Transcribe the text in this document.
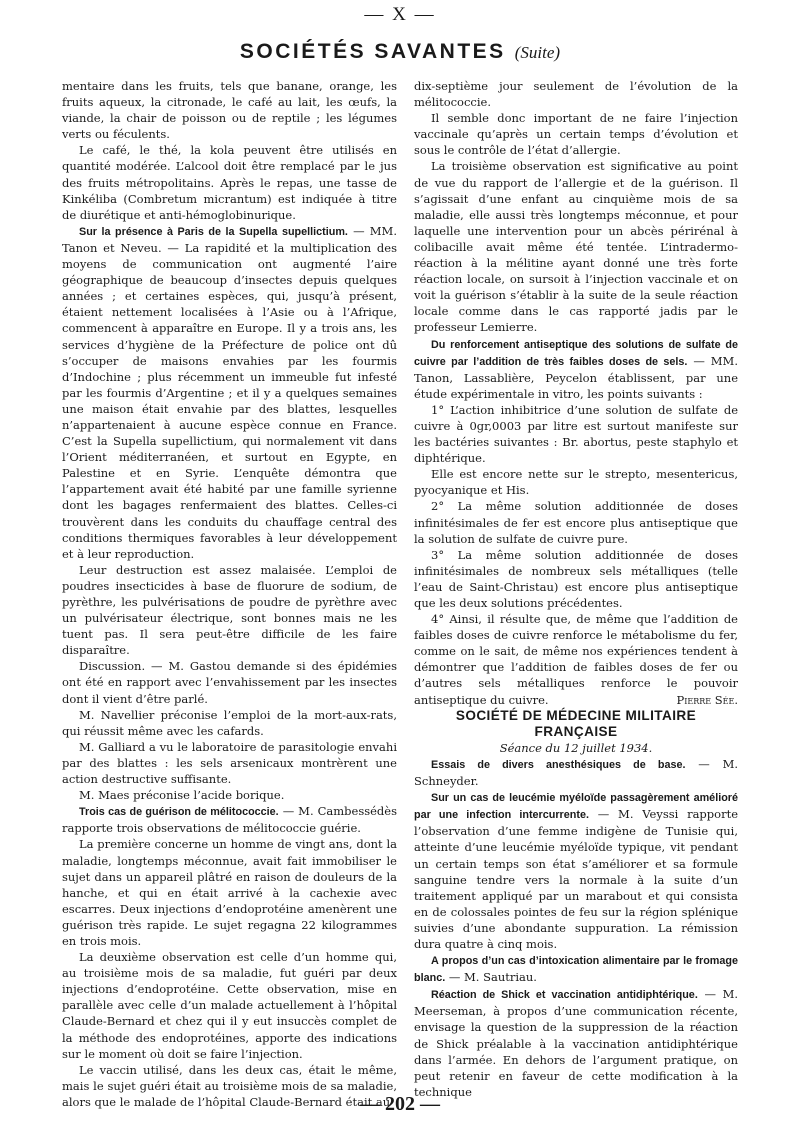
— X —
SOCIÉTÉS SAVANTES (Suite)

mentaire dans les fruits, tels que banane, orange, les fruits aqueux, la citronade, le café au lait, les œufs, la viande, la chair de poisson ou de reptile ; les légumes verts ou féculents.

Le café, le thé, la kola peuvent être utilisés en quantité modérée. L’alcool doit être remplacé par le jus des fruits métropolitains. Après le repas, une tasse de Kinkéliba (Combretum micrantum) est indiquée à titre de diurétique et anti-hémoglobinurique.

Sur la présence à Paris de la Supella supellictium. — MM. Tanon et Neveu. — La rapidité et la multiplication des moyens de communication ont augmenté l’aire géographique de beaucoup d’insectes depuis quelques années ; et certaines espèces, qui, jusqu’à présent, étaient nettement localisées à l’Asie ou à l’Afrique, commencent à apparaître en Europe. Il y a trois ans, les services d’hygiène de la Préfecture de police ont dû s’occuper de maisons envahies par les fourmis d’Indochine ; plus récemment un immeuble fut infesté par les fourmis d’Argentine ; et il y a quelques semaines une maison était envahie par des blattes, lesquelles n’appartenaient à aucune espèce connue en France. C’est la Supella supellictium, qui normalement vit dans l’Orient méditerranéen, et surtout en Egypte, en Palestine et en Syrie. L’enquête démontra que l’appartement avait été habité par une famille syrienne dont les bagages renfermaient des blattes. Celles-ci trouvèrent dans les conduits du chauffage central des conditions thermiques favorables à leur développement et à leur reproduction.

Leur destruction est assez malaisée. L’emploi de poudres insecticides à base de fluorure de sodium, de pyrèthre, les pulvérisations de poudre de pyrèthre avec un pulvérisateur électrique, sont bonnes mais ne les tuent pas. Il sera peut-être difficile de les faire disparaître.

Discussion. — M. Gastou demande si des épidémies ont été en rapport avec l’envahissement par les insectes dont il vient d’être parlé.

M. Navellier préconise l’emploi de la mort-aux-rats, qui réussit même avec les cafards.

M. Galliard a vu le laboratoire de parasitologie envahi par des blattes : les sels arsenicaux montrèrent une action destructive suffisante.

M. Maes préconise l’acide borique.

Trois cas de guérison de mélitococcie. — M. Cambessédès rapporte trois observations de mélitococcie guérie.

La première concerne un homme de vingt ans, dont la maladie, longtemps méconnue, avait fait immobiliser le sujet dans un appareil plâtré en raison de douleurs de la hanche, et qui en était arrivé à la cachexie avec escarres. Deux injections d’endoprotéine amenèrent une guérison très rapide. Le sujet regagna 22 kilogrammes en trois mois.

La deuxième observation est celle d’un homme qui, au troisième mois de sa maladie, fut guéri par deux injections d’endoprotéine. Cette observation, mise en parallèle avec celle d’un malade actuellement à l’hôpital Claude-Bernard et chez qui il y eut insuccès complet de la méthode des endoprotéines, apporte des indications sur le moment où doit se faire l’injection.

Le vaccin utilisé, dans les deux cas, était le même, mais le sujet guéri était au troisième mois de sa maladie, alors que le malade de l’hôpital Claude-Bernard était au

dix-septième jour seulement de l’évolution de la mélitococcie.

Il semble donc important de ne faire l’injection vaccinale qu’après un certain temps d’évolution et sous le contrôle de l’état d’allergie.

La troisième observation est significative au point de vue du rapport de l’allergie et de la guérison. Il s’agissait d’une enfant au cinquième mois de sa maladie, elle aussi très longtemps méconnue, et pour laquelle une intervention pour un abcès périrénal à colibacille avait même été tentée. L’intradermo-réaction à la mélitine ayant donné une très forte réaction locale, on sursoit à l’injection vaccinale et on voit la guérison s’établir à la suite de la seule réaction locale comme dans le cas rapporté jadis par le professeur Lemierre.

Du renforcement antiseptique des solutions de sulfate de cuivre par l’addition de très faibles doses de sels. — MM. Tanon, Lassablière, Peycelon établissent, par une étude expérimentale in vitro, les points suivants :

1° L’action inhibitrice d’une solution de sulfate de cuivre à 0gr,0003 par litre est surtout manifeste sur les bactéries suivantes : Br. abortus, peste staphylo et diphtérique.

Elle est encore nette sur le strepto, mesentericus, pyocyanique et His.

2° La même solution additionnée de doses infinitésimales de fer est encore plus antiseptique que la solution de sulfate de cuivre pure.

3° La même solution additionnée de doses infinitésimales de nombreux sels métalliques (telle l’eau de Saint-Christau) est encore plus antiseptique que les deux solutions précédentes.

4° Ainsi, il résulte que, de même que l’addition de faibles doses de cuivre renforce le métabolisme du fer, comme on le sait, de même nos expériences tendent à démontrer que l’addition de faibles doses de fer ou d’autres sels métalliques renforce le pouvoir antiseptique du cuivre.	Pierre Sée.

SOCIÉTÉ DE MÉDECINE MILITAIRE FRANÇAISE

Séance du 12 juillet 1934.

Essais de divers anesthésiques de base. — M. Schneyder.

Sur un cas de leucémie myéloïde passagèrement amélioré par une infection intercurrente. — M. Veyssi rapporte l’observation d’une femme indigène de Tunisie qui, atteinte d’une leucémie myéloïde typique, vit pendant un certain temps son état s’améliorer et sa formule sanguine tendre vers la normale à la suite d’un traitement appliqué par un marabout et qui consista en de colossales pointes de feu sur la région splénique suivies d’une abondante suppuration. La rémission dura quatre à cinq mois.

A propos d’un cas d’intoxication alimentaire par le fromage blanc. — M. Sautriau.

Réaction de Shick et vaccination antidiphtérique. — M. Meerseman, à propos d’une communication récente, envisage la question de la suppression de la réaction de Shick préalable à la vaccination antidiphtérique dans l’armée. En dehors de l’argument pratique, on peut retenir en faveur de cette modification à la technique

— 202 —
